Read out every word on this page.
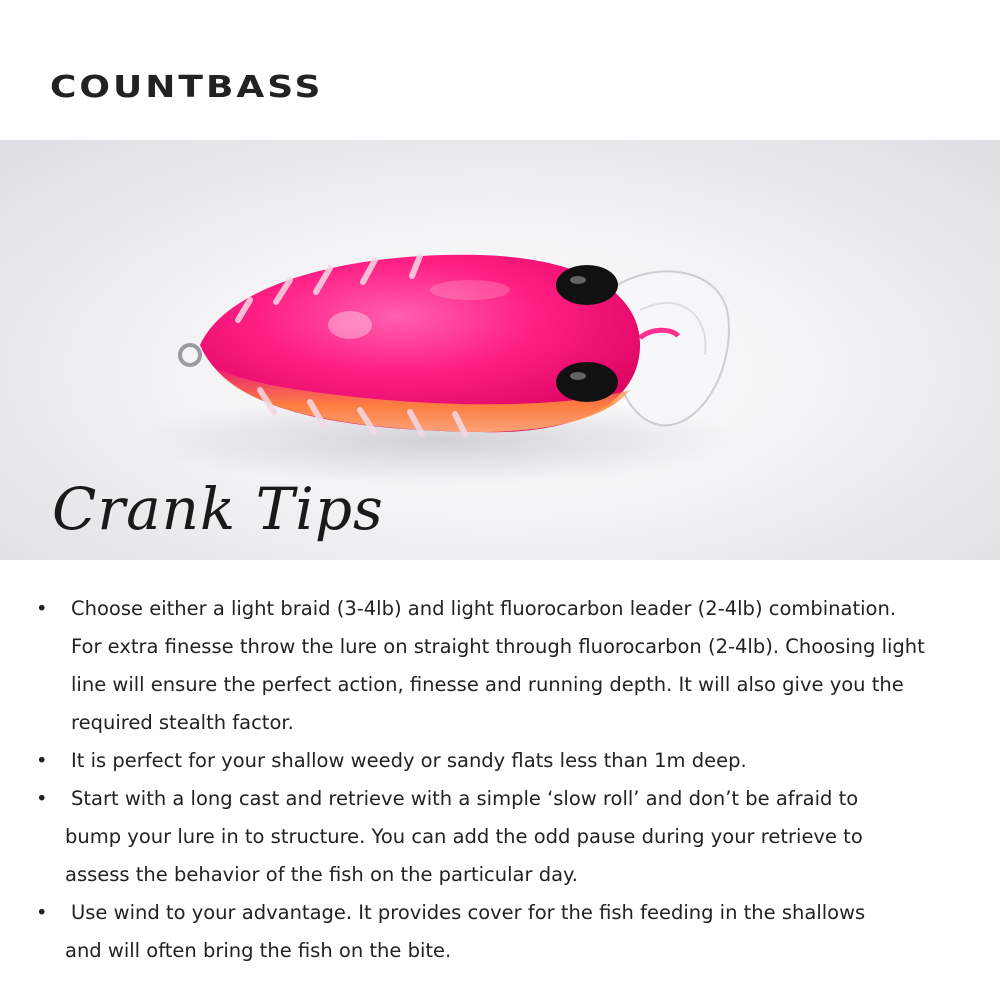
COUNTBASS
Crank Tips
• Choose either a light braid (3-4lb) and light fluorocarbon leader (2-4lb) combination.
For extra finesse throw the lure on straight through fluorocarbon (2-4lb). Choosing light
line will ensure the perfect action, finesse and running depth. It will also give you the
required stealth factor.
• It is perfect for your shallow weedy or sandy flats less than 1m deep.
• Start with a long cast and retrieve with a simple ‘slow roll’ and don’t be afraid to
bump your lure in to structure. You can add the odd pause during your retrieve to
assess the behavior of the fish on the particular day.
• Use wind to your advantage. It provides cover for the fish feeding in the shallows
and will often bring the fish on the bite.
